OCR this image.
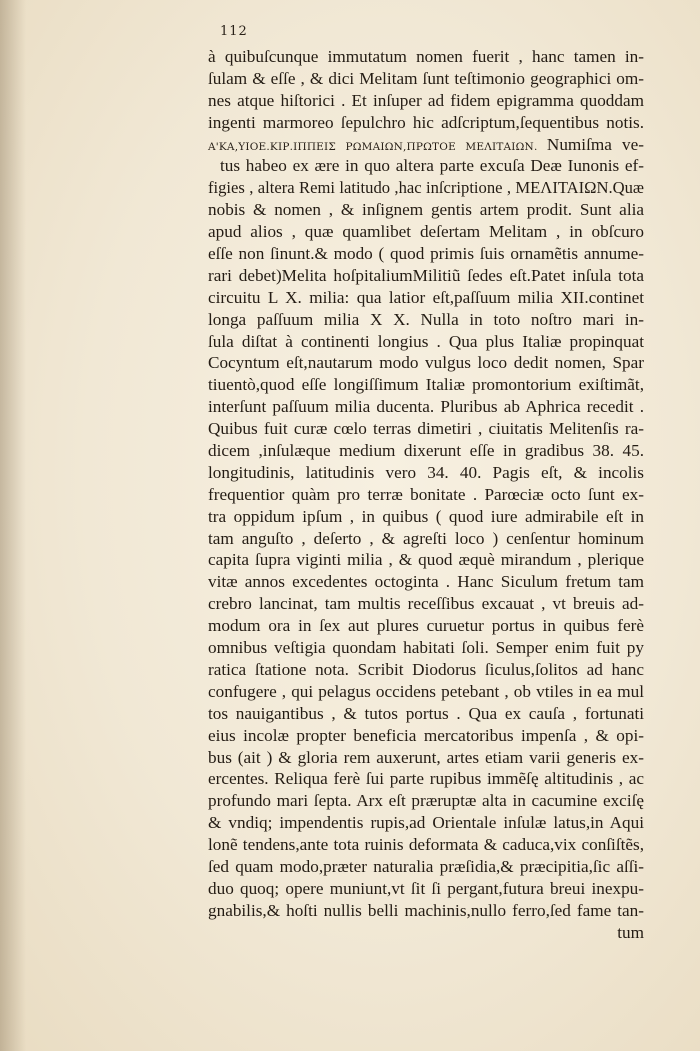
112
à quibuſcunque immutatum nomen fuerit , hanc tamen in-
ſulam & eſſe , & dici Melitam ſunt teſtimonio geographici om-
nes atque hiſtorici . Et inſuper ad fidem epigramma quoddam
ingenti marmoreo ſepulchro hic adſcriptum,ſequentibus notis.
Α'ΚΑ,ΥΙΟΕ.ΚΙΡ.ΙΠΠΕΙΣ ΡΩΜΑΙΩΝ,ΠΡΩΤΟΕ ΜΕΛΙΤΑΙΩΝ. Numiſma ve-
tus habeo ex ære in quo altera parte excuſa Deæ Iunonis ef-
figies , altera Remi latitudo ,hac inſcriptione , ΜΕΛΙΤΑΙΩΝ.Quæ
nobis & nomen , & inſignem gentis artem prodit. Sunt alia
apud alios , quæ quamlibet deſertam Melitam , in obſcuro
eſſe non ſinunt.& modo ( quod primis ſuis ornamẽtis annume-
rari debet)Melita hoſpitaliumMilitiũ ſedes eſt.Patet inſula tota
circuitu L X. milia: qua latior eſt,paſſuum milia XII.continet
longa paſſuum milia X X. Nulla in toto noſtro mari in-
ſula diſtat à continenti longius . Qua plus Italiæ propinquat
Cocyntum eſt,nautarum modo vulgus loco dedit nomen, Spar
tiuentò,quod eſſe longiſſimum Italiæ promontorium exiſtimãt,
interſunt paſſuum milia ducenta. Pluribus ab Aphrica recedit .
Quibus fuit curæ cœlo terras dimetiri , ciuitatis Melitenſis ra-
dicem ,inſulæque medium dixerunt eſſe in gradibus 38. 45.
longitudinis, latitudinis vero 34. 40. Pagis eſt, & incolis
frequentior quàm pro terræ bonitate . Parœciæ octo ſunt ex-
tra oppidum ipſum , in quibus ( quod iure admirabile eſt in
tam anguſto , deſerto , & agreſti loco ) cenſentur hominum
capita ſupra viginti milia , & quod æquè mirandum , plerique
vitæ annos excedentes octoginta . Hanc Siculum fretum tam
crebro lancinat, tam multis receſſibus excauat , vt breuis ad-
modum ora in ſex aut plures curuetur portus in quibus ferè
omnibus veſtigia quondam habitati ſoli. Semper enim fuit py
ratica ſtatione nota. Scribit Diodorus ſiculus,ſolitos ad hanc
confugere , qui pelagus occidens petebant , ob vtiles in ea mul
tos nauigantibus , & tutos portus . Qua ex cauſa , fortunati
eius incolæ propter beneficia mercatoribus impenſa , & opi-
bus (ait ) & gloria rem auxerunt, artes etiam varii generis ex-
ercentes. Reliqua ferè ſui parte rupibus immẽſę altitudinis , ac
profundo mari ſepta. Arx eſt præruptæ alta in cacumine exciſę
& vndiq; impendentis rupis,ad Orientale inſulæ latus,in Aqui
lonẽ tendens,ante tota ruinis deformata & caduca,vix conſiſtẽs,
ſed quam modo,præter naturalia præſidia,& præcipitia,ſic aſſi-
duo quoq; opere muniunt,vt ſit ſi pergant,futura breui inexpu-
gnabilis,& hoſti nullis belli machinis,nullo ferro,ſed fame tan-
tum
